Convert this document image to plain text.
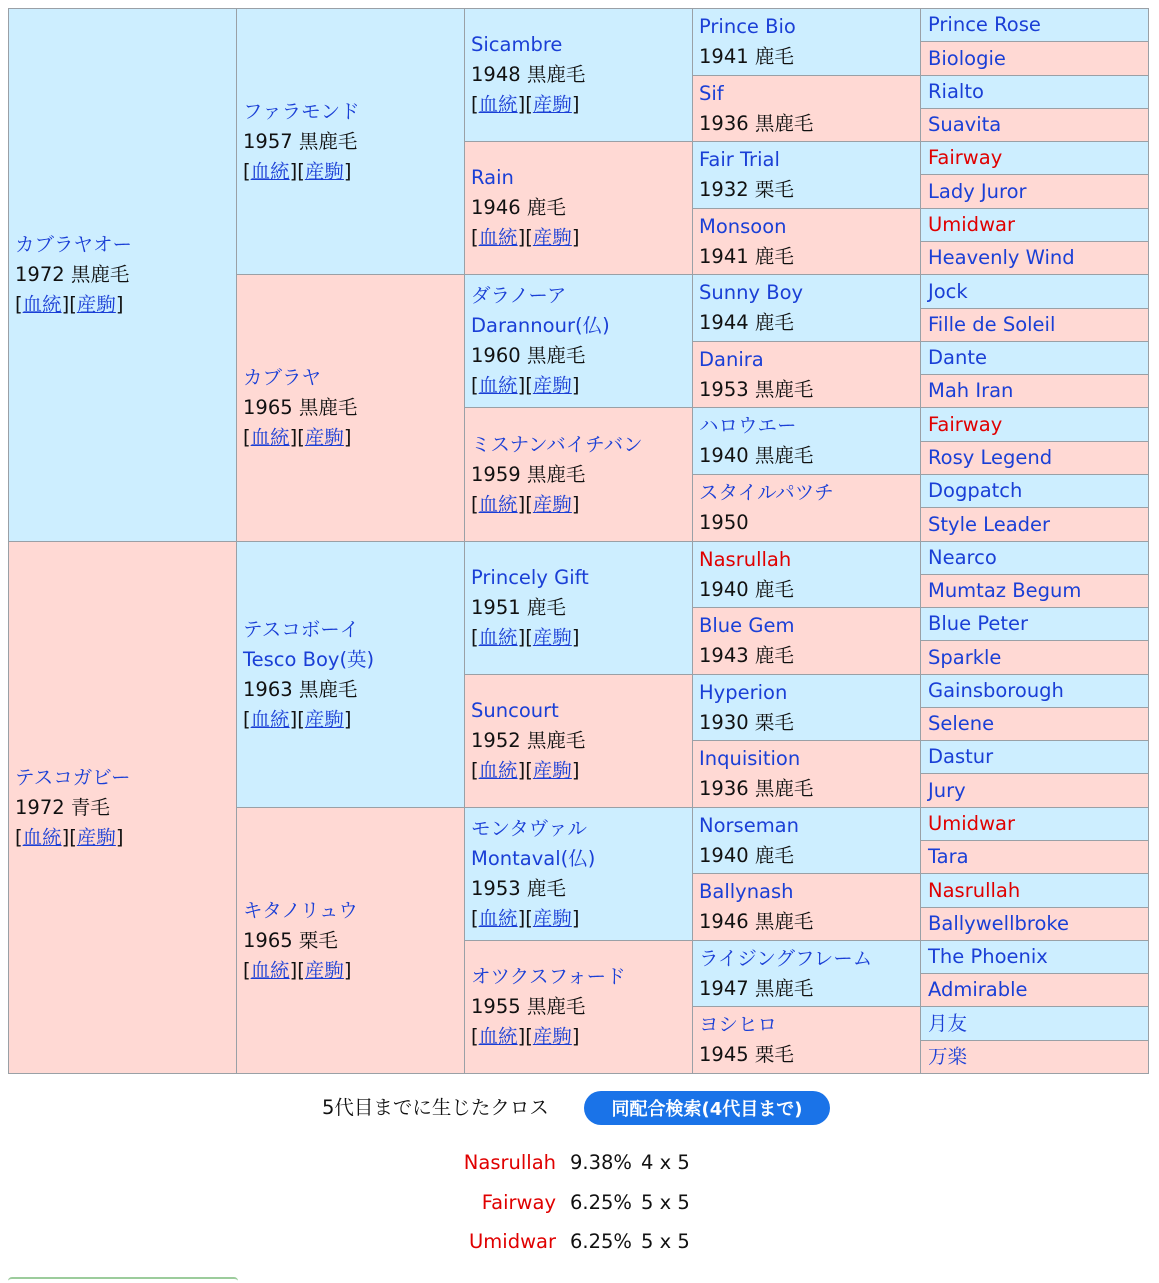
カブラヤオー
1972 黒鹿毛
[血統][産駒]
テスコガビー
1972 青毛
[血統][産駒]
ファラモンド
1957 黒鹿毛
[血統][産駒]
カブラヤ
1965 黒鹿毛
[血統][産駒]
テスコボーイ
Tesco Boy(英)
1963 黒鹿毛
[血統][産駒]
キタノリュウ
1965 栗毛
[血統][産駒]
Sicambre
1948 黒鹿毛
[血統][産駒]
Rain
1946 鹿毛
[血統][産駒]
ダラノーア
Darannour(仏)
1960 黒鹿毛
[血統][産駒]
ミスナンバイチバン
1959 黒鹿毛
[血統][産駒]
Princely Gift
1951 鹿毛
[血統][産駒]
Suncourt
1952 黒鹿毛
[血統][産駒]
モンタヴァル
Montaval(仏)
1953 鹿毛
[血統][産駒]
オツクスフォード
1955 黒鹿毛
[血統][産駒]
Prince Bio
1941 鹿毛
Sif
1936 黒鹿毛
Fair Trial
1932 栗毛
Monsoon
1941 鹿毛
Sunny Boy
1944 鹿毛
Danira
1953 黒鹿毛
ハロウエー
1940 黒鹿毛
スタイルパツチ
1950
Nasrullah
1940 鹿毛
Blue Gem
1943 鹿毛
Hyperion
1930 栗毛
Inquisition
1936 黒鹿毛
Norseman
1940 鹿毛
Ballynash
1946 黒鹿毛
ライジングフレーム
1947 黒鹿毛
ヨシヒロ
1945 栗毛
Prince Rose
Biologie
Rialto
Suavita
Fairway
Lady Juror
Umidwar
Heavenly Wind
Jock
Fille de Soleil
Dante
Mah Iran
Fairway
Rosy Legend
Dogpatch
Style Leader
Nearco
Mumtaz Begum
Blue Peter
Sparkle
Gainsborough
Selene
Dastur
Jury
Umidwar
Tara
Nasrullah
Ballywellbroke
The Phoenix
Admirable
月友
万楽
5代目までに生じたクロス	同配合検索(4代目まで)
Nasrullah 9.38% 4 x 5
Fairway 6.25% 5 x 5
Umidwar 6.25% 5 x 5
